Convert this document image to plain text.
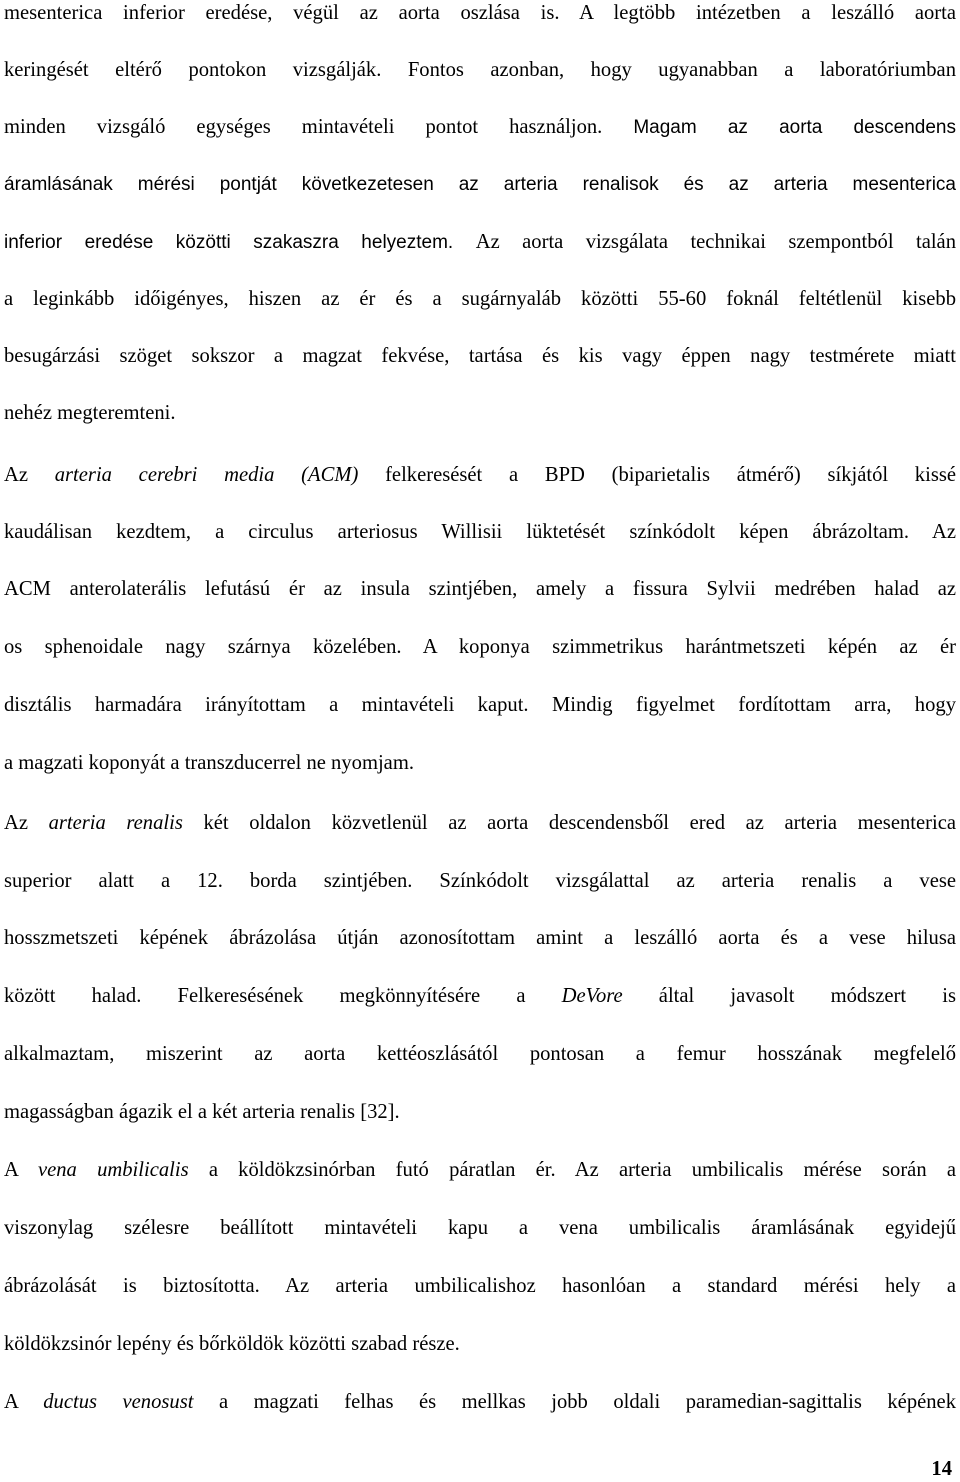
mesenterica inferior eredése, végül az aorta oszlása is. A legtöbb intézetben a leszálló aorta
keringését eltérő pontokon vizsgálják. Fontos azonban, hogy ugyanabban a laboratóriumban
minden vizsgáló egységes mintavételi pontot használjon. Magam az aorta descendens
áramlásának mérési pontját következetesen az arteria renalisok és az arteria mesenterica
inferior eredése közötti szakaszra helyeztem. Az aorta vizsgálata technikai szempontból talán
a leginkább időigényes, hiszen az ér és a sugárnyaláb közötti 55-60 foknál feltétlenül kisebb
besugárzási szöget sokszor a magzat fekvése, tartása és kis vagy éppen nagy testmérete miatt
nehéz megteremteni.
Az arteria cerebri media (ACM) felkeresését a BPD (biparietalis átmérő) síkjától kissé
kaudálisan kezdtem, a circulus arteriosus Willisii lüktetését színkódolt képen ábrázoltam. Az
ACM anterolaterális lefutású ér az insula szintjében, amely a fissura Sylvii medrében halad az
os sphenoidale nagy szárnya közelében. A koponya szimmetrikus harántmetszeti képén az ér
disztális harmadára irányítottam a mintavételi kaput. Mindig figyelmet fordítottam arra, hogy
a magzati koponyát a transzducerrel ne nyomjam.
Az arteria renalis két oldalon közvetlenül az aorta descendensből ered az arteria mesenterica
superior alatt a 12. borda szintjében. Színkódolt vizsgálattal az arteria renalis a vese
hosszmetszeti képének ábrázolása útján azonosítottam amint a leszálló aorta és a vese hilusa
között halad. Felkeresésének megkönnyítésére a DeVore által javasolt módszert is
alkalmaztam, miszerint az aorta kettéoszlásától pontosan a femur hosszának megfelelő
magasságban ágazik el a két arteria renalis [32].
A vena umbilicalis a köldökzsinórban futó páratlan ér. Az arteria umbilicalis mérése során a
viszonylag szélesre beállított mintavételi kapu a vena umbilicalis áramlásának egyidejű
ábrázolását is biztosította. Az arteria umbilicalishoz hasonlóan a standard mérési hely a
köldökzsinór lepény és bőrköldök közötti szabad része.
A ductus venosust a magzati felhas és mellkas jobb oldali paramedian-sagittalis képének
14
